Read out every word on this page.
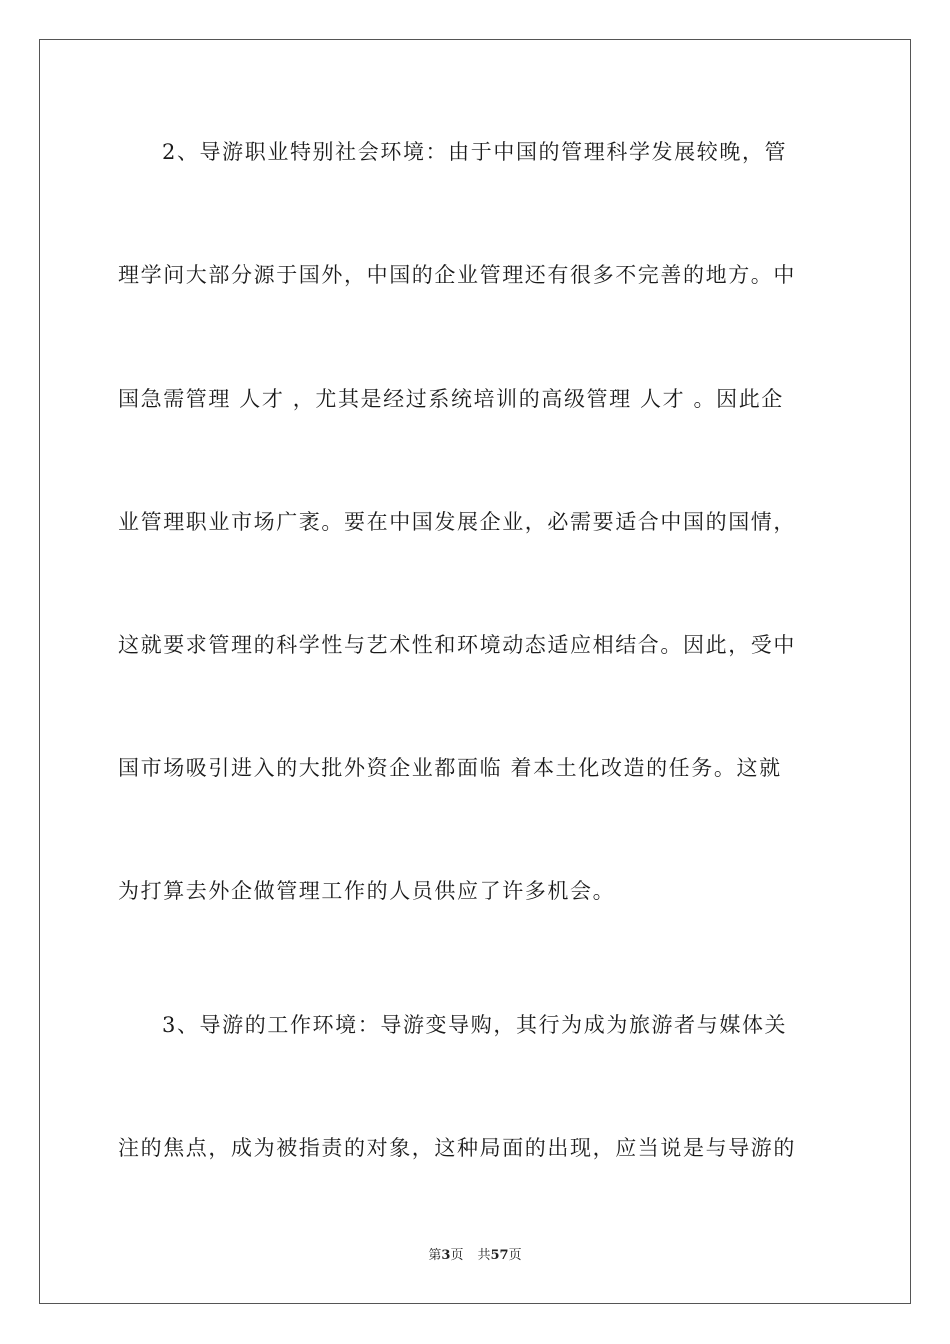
2、导游职业特别社会环境：由于中国的管理科学发展较晚，管
理学问大部分源于国外，中国的企业管理还有很多不完善的地方。中
国急需管理 人才 ，尤其是经过系统培训的高级管理 人才 。因此企
业管理职业市场广袤。要在中国发展企业，必需要适合中国的国情，
这就要求管理的科学性与艺术性和环境动态适应相结合。因此，受中
国市场吸引进入的大批外资企业都面临 着本土化改造的任务。这就
为打算去外企做管理工作的人员供应了许多机会。
3、导游的工作环境：导游变导购，其行为成为旅游者与媒体关
注的焦点，成为被指责的对象，这种局面的出现，应当说是与导游的
第3页 共57页
